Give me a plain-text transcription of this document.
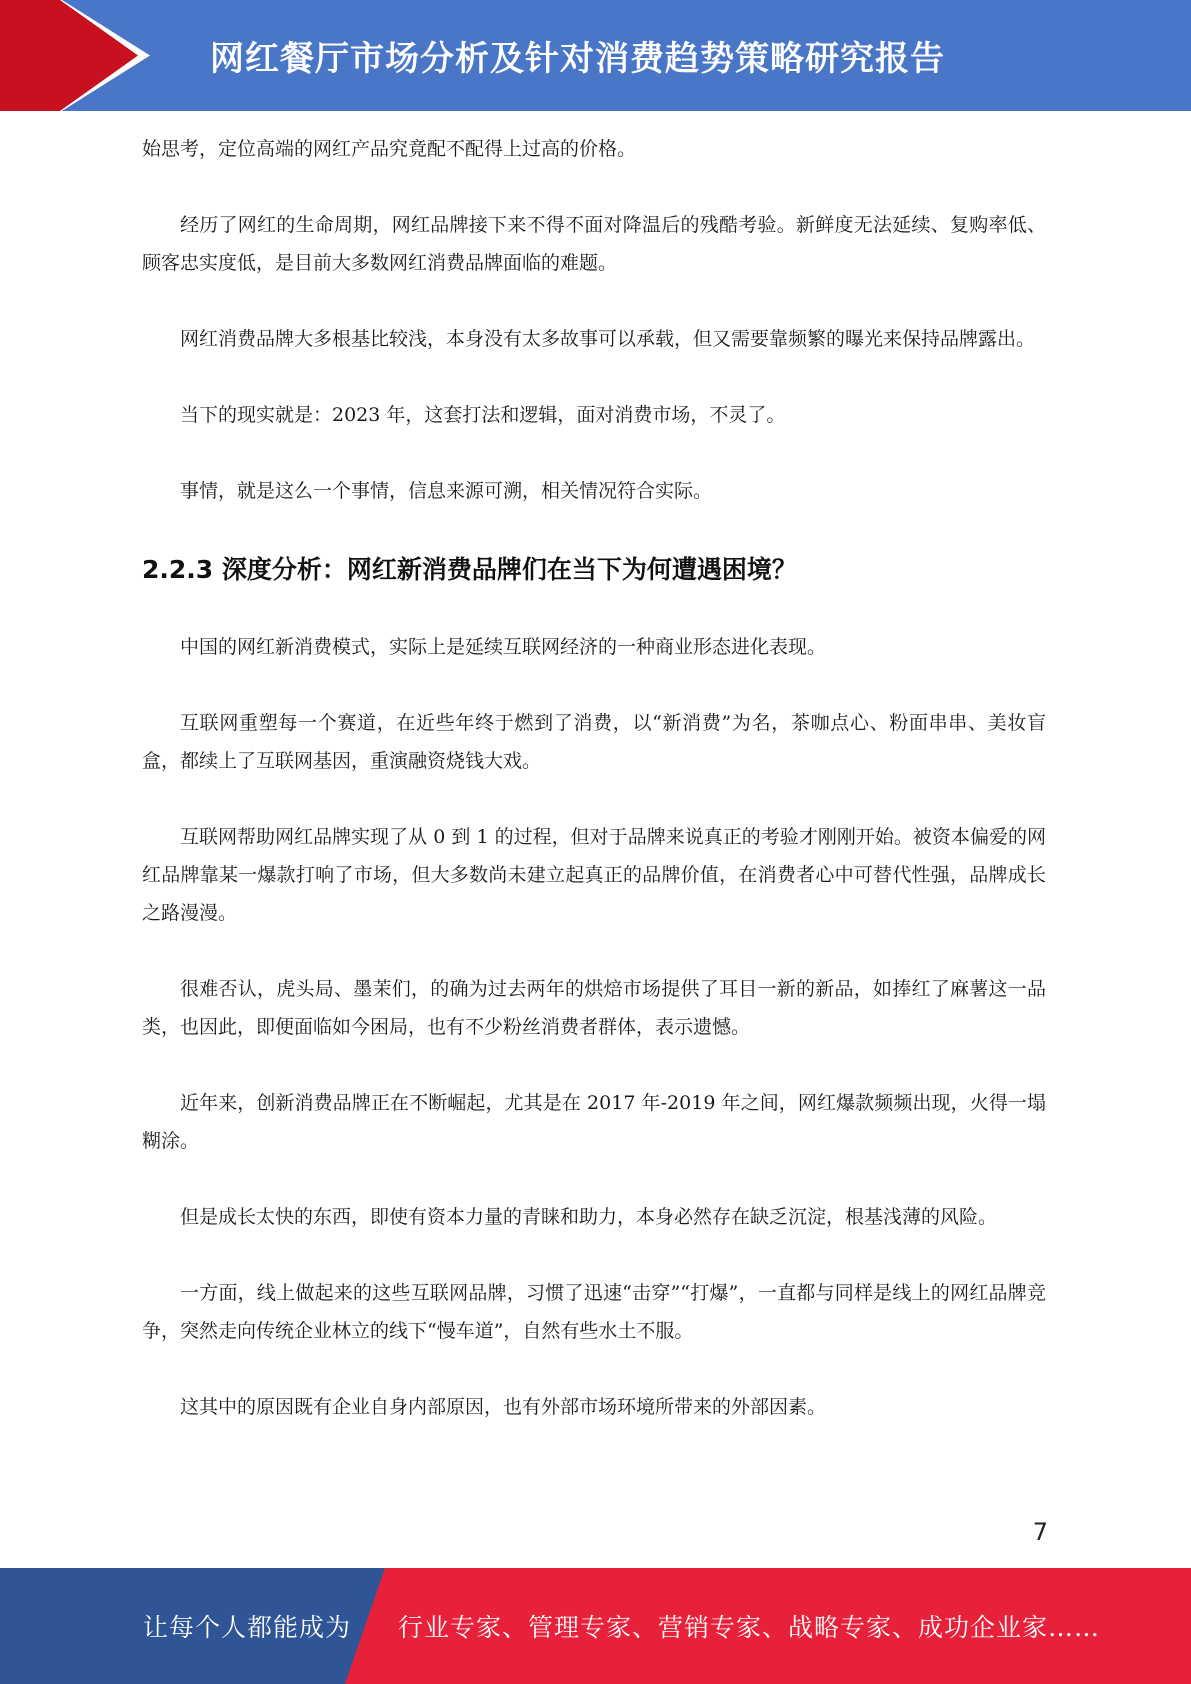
网红餐厅市场分析及针对消费趋势策略研究报告

始思考，定位高端的网红产品究竟配不配得上过高的价格。

经历了网红的生命周期，网红品牌接下来不得不面对降温后的残酷考验。新鲜度无法延续、复购率低、顾客忠实度低，是目前大多数网红消费品牌面临的难题。

网红消费品牌大多根基比较浅，本身没有太多故事可以承载，但又需要靠频繁的曝光来保持品牌露出。

当下的现实就是：2023 年，这套打法和逻辑，面对消费市场，不灵了。

事情，就是这么一个事情，信息来源可溯，相关情况符合实际。

2.2.3 深度分析：网红新消费品牌们在当下为何遭遇困境？

中国的网红新消费模式，实际上是延续互联网经济的一种商业形态进化表现。

互联网重塑每一个赛道，在近些年终于燃到了消费，以“新消费”为名，茶咖点心、粉面串串、美妆盲盒，都续上了互联网基因，重演融资烧钱大戏。

互联网帮助网红品牌实现了从 0 到 1 的过程，但对于品牌来说真正的考验才刚刚开始。被资本偏爱的网红品牌靠某一爆款打响了市场，但大多数尚未建立起真正的品牌价值，在消费者心中可替代性强，品牌成长之路漫漫。

很难否认，虎头局、墨茉们，的确为过去两年的烘焙市场提供了耳目一新的新品，如捧红了麻薯这一品类，也因此，即便面临如今困局，也有不少粉丝消费者群体，表示遗憾。

近年来，创新消费品牌正在不断崛起，尤其是在 2017 年-2019 年之间，网红爆款频频出现，火得一塌糊涂。

但是成长太快的东西，即使有资本力量的青睐和助力，本身必然存在缺乏沉淀，根基浅薄的风险。

一方面，线上做起来的这些互联网品牌，习惯了迅速“击穿”“打爆”，一直都与同样是线上的网红品牌竞争，突然走向传统企业林立的线下“慢车道”，自然有些水土不服。

这其中的原因既有企业自身内部原因，也有外部市场环境所带来的外部因素。

7
让每个人都能成为 行业专家、管理专家、营销专家、战略专家、成功企业家……
